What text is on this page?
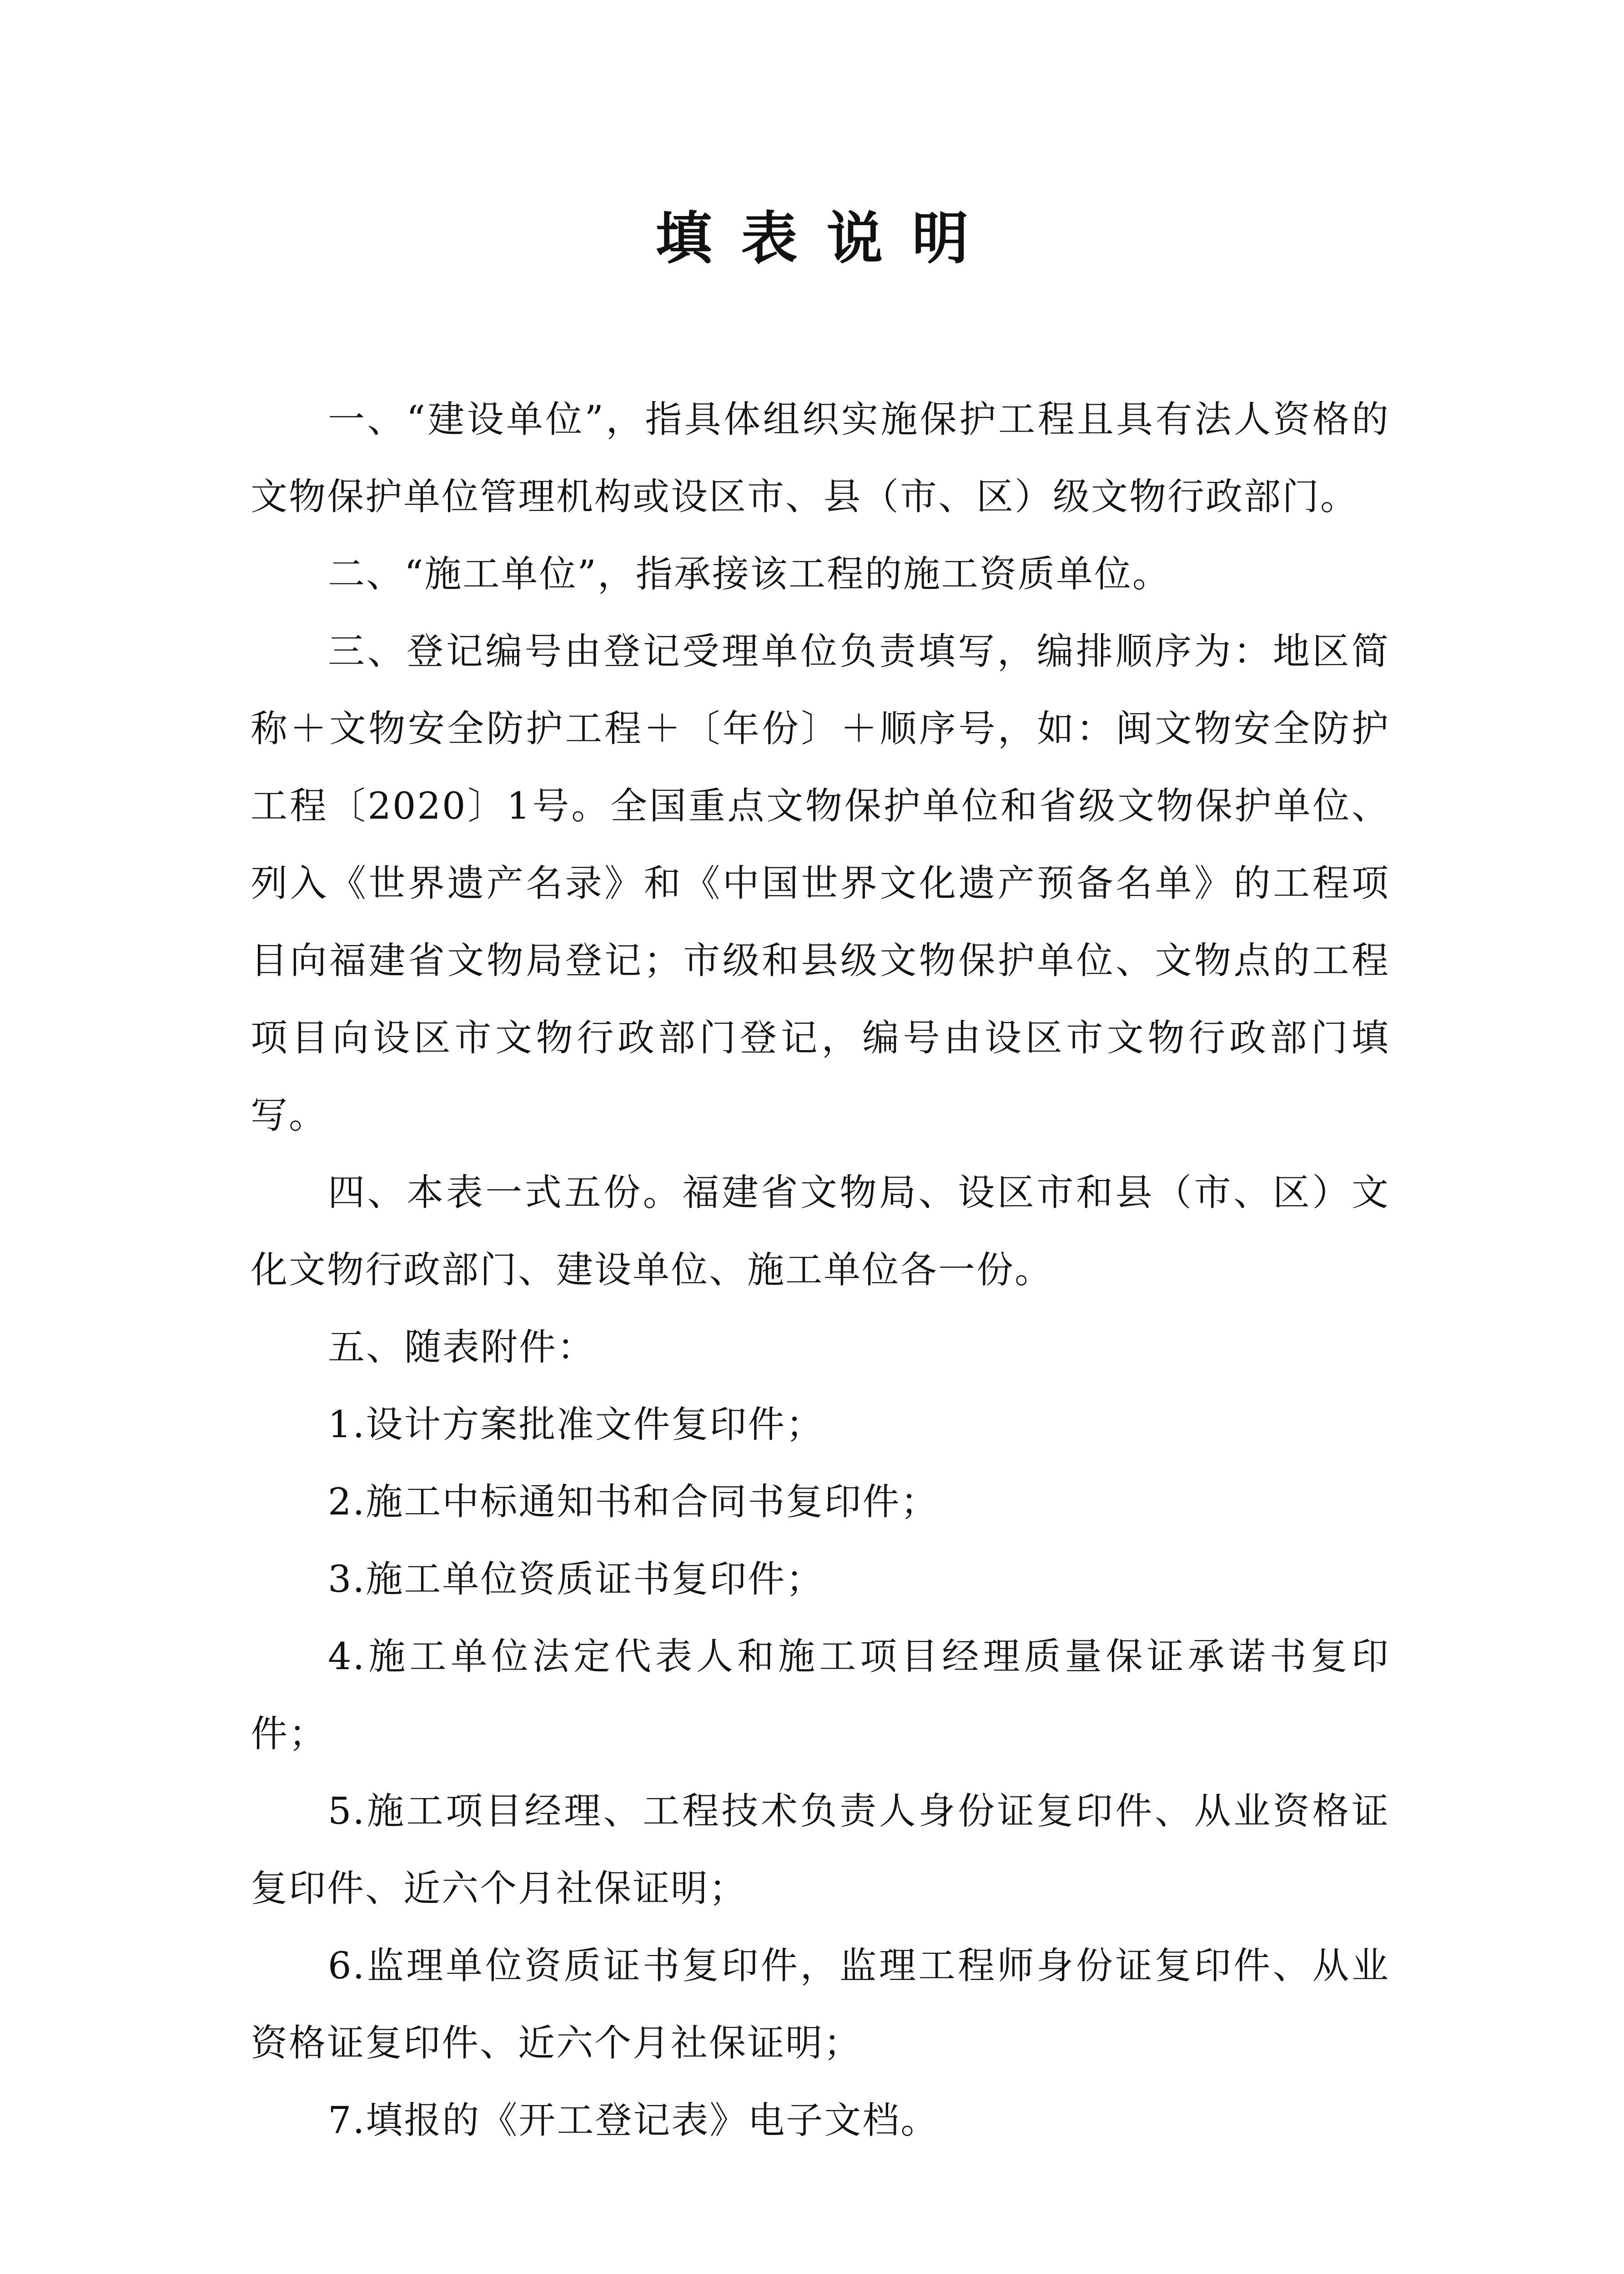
填表说明

一、“建设单位”，指具体组织实施保护工程且具有法人资格的文物保护单位管理机构或设区市、县（市、区）级文物行政部门。

二、“施工单位”，指承接该工程的施工资质单位。

三、登记编号由登记受理单位负责填写，编排顺序为：地区简称＋文物安全防护工程＋〔年份〕＋顺序号，如：闽文物安全防护工程〔2020〕1号。全国重点文物保护单位和省级文物保护单位、列入《世界遗产名录》和《中国世界文化遗产预备名单》的工程项目向福建省文物局登记；市级和县级文物保护单位、文物点的工程项目向设区市文物行政部门登记，编号由设区市文物行政部门填写。

四、本表一式五份。福建省文物局、设区市和县（市、区）文化文物行政部门、建设单位、施工单位各一份。

五、随表附件：

1.设计方案批准文件复印件；

2.施工中标通知书和合同书复印件；

3.施工单位资质证书复印件；

4.施工单位法定代表人和施工项目经理质量保证承诺书复印件；

5.施工项目经理、工程技术负责人身份证复印件、从业资格证复印件、近六个月社保证明；

6.监理单位资质证书复印件，监理工程师身份证复印件、从业资格证复印件、近六个月社保证明；

7.填报的《开工登记表》电子文档。
